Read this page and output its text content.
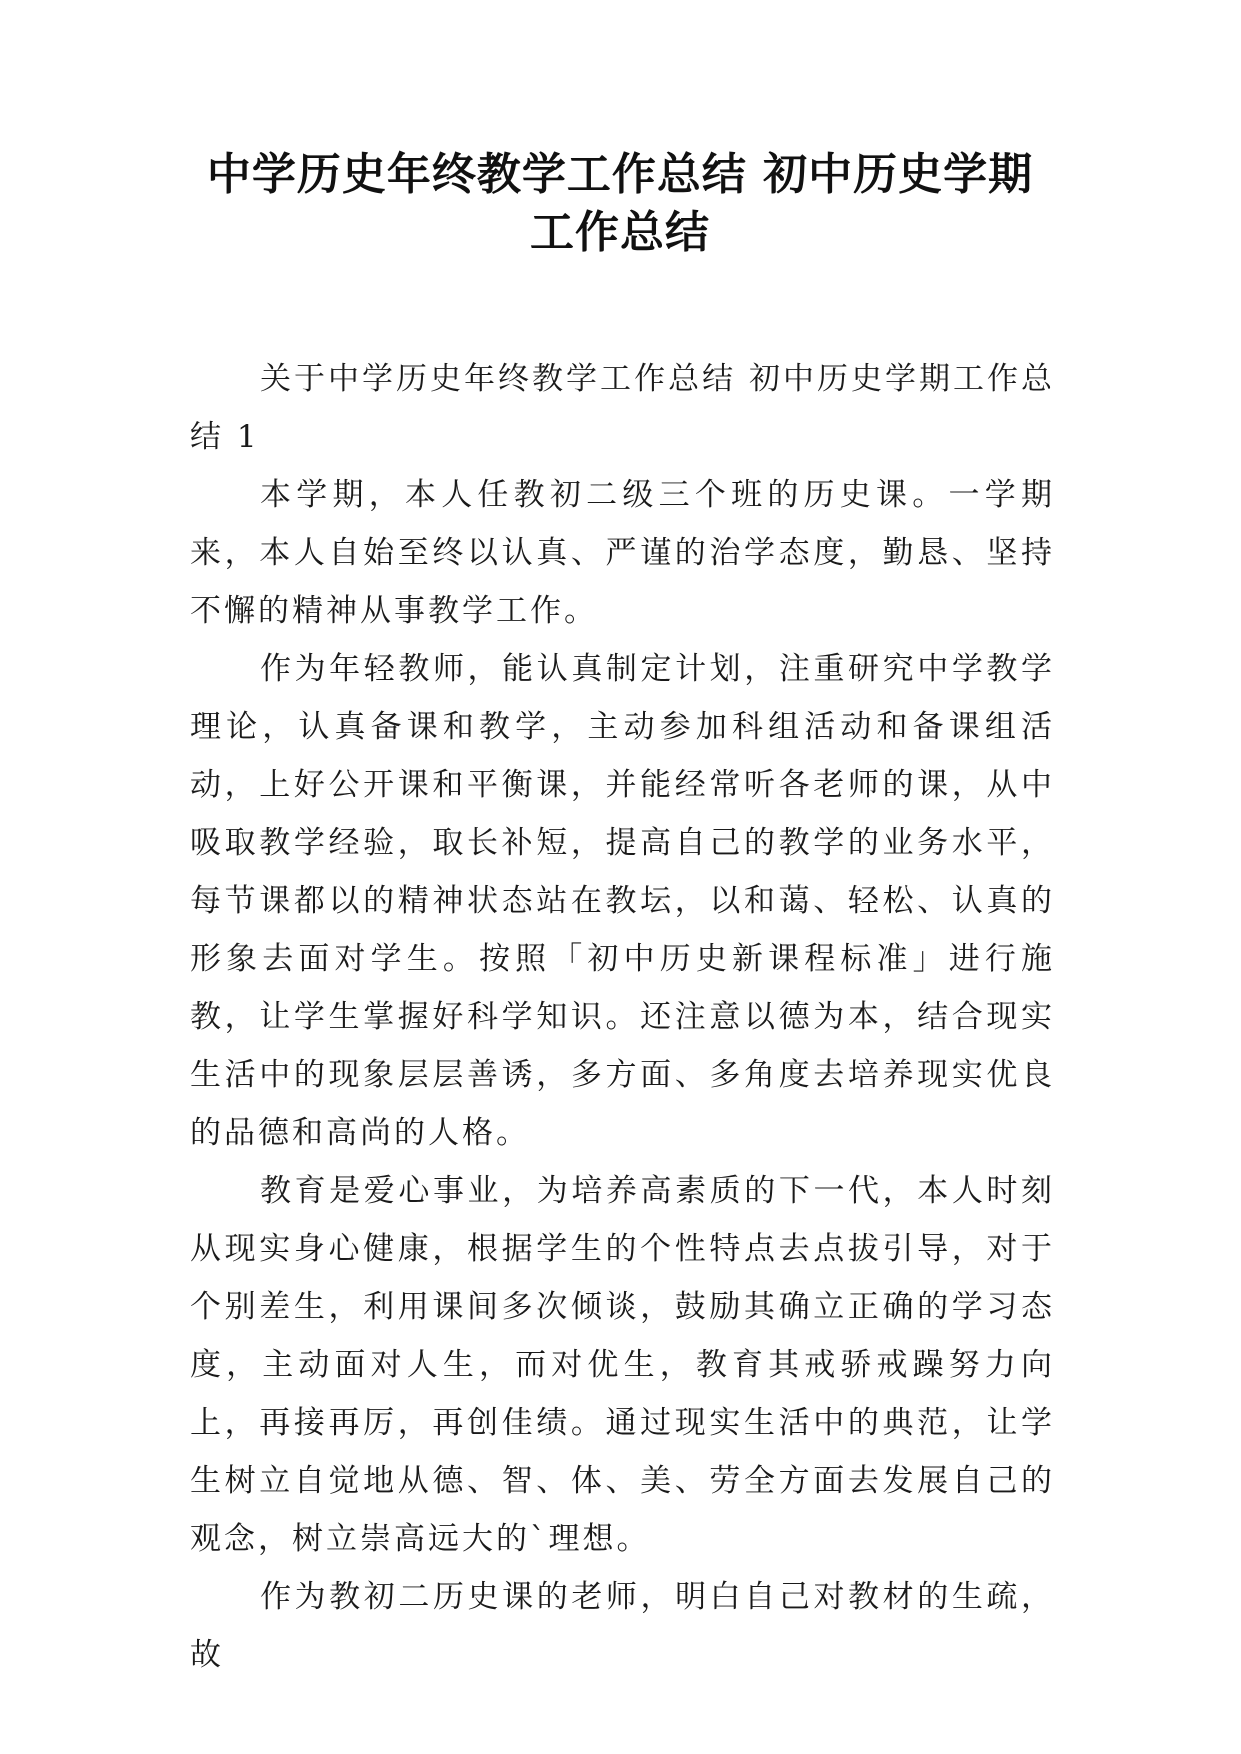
中学历史年终教学工作总结 初中历史学期
工作总结

关于中学历史年终教学工作总结 初中历史学期工作总结 1

本学期，本人任教初二级三个班的历史课。一学期来，本人自始至终以认真、严谨的治学态度，勤恳、坚持不懈的精神从事教学工作。

作为年轻教师，能认真制定计划，注重研究中学教学理论，认真备课和教学，主动参加科组活动和备课组活动，上好公开课和平衡课，并能经常听各老师的课，从中吸取教学经验，取长补短，提高自己的教学的业务水平，每节课都以的精神状态站在教坛，以和蔼、轻松、认真的形象去面对学生。按照「初中历史新课程标准」进行施教，让学生掌握好科学知识。还注意以德为本，结合现实生活中的现象层层善诱，多方面、多角度去培养现实优良的品德和高尚的人格。

教育是爱心事业，为培养高素质的下一代，本人时刻从现实身心健康，根据学生的个性特点去点拔引导，对于个别差生，利用课间多次倾谈，鼓励其确立正确的学习态度，主动面对人生，而对优生，教育其戒骄戒躁努力向上，再接再厉，再创佳绩。通过现实生活中的典范，让学生树立自觉地从德、智、体、美、劳全方面去发展自己的观念，树立崇高远大的`理想。

作为教初二历史课的老师，明白自己对教材的生疏，故
